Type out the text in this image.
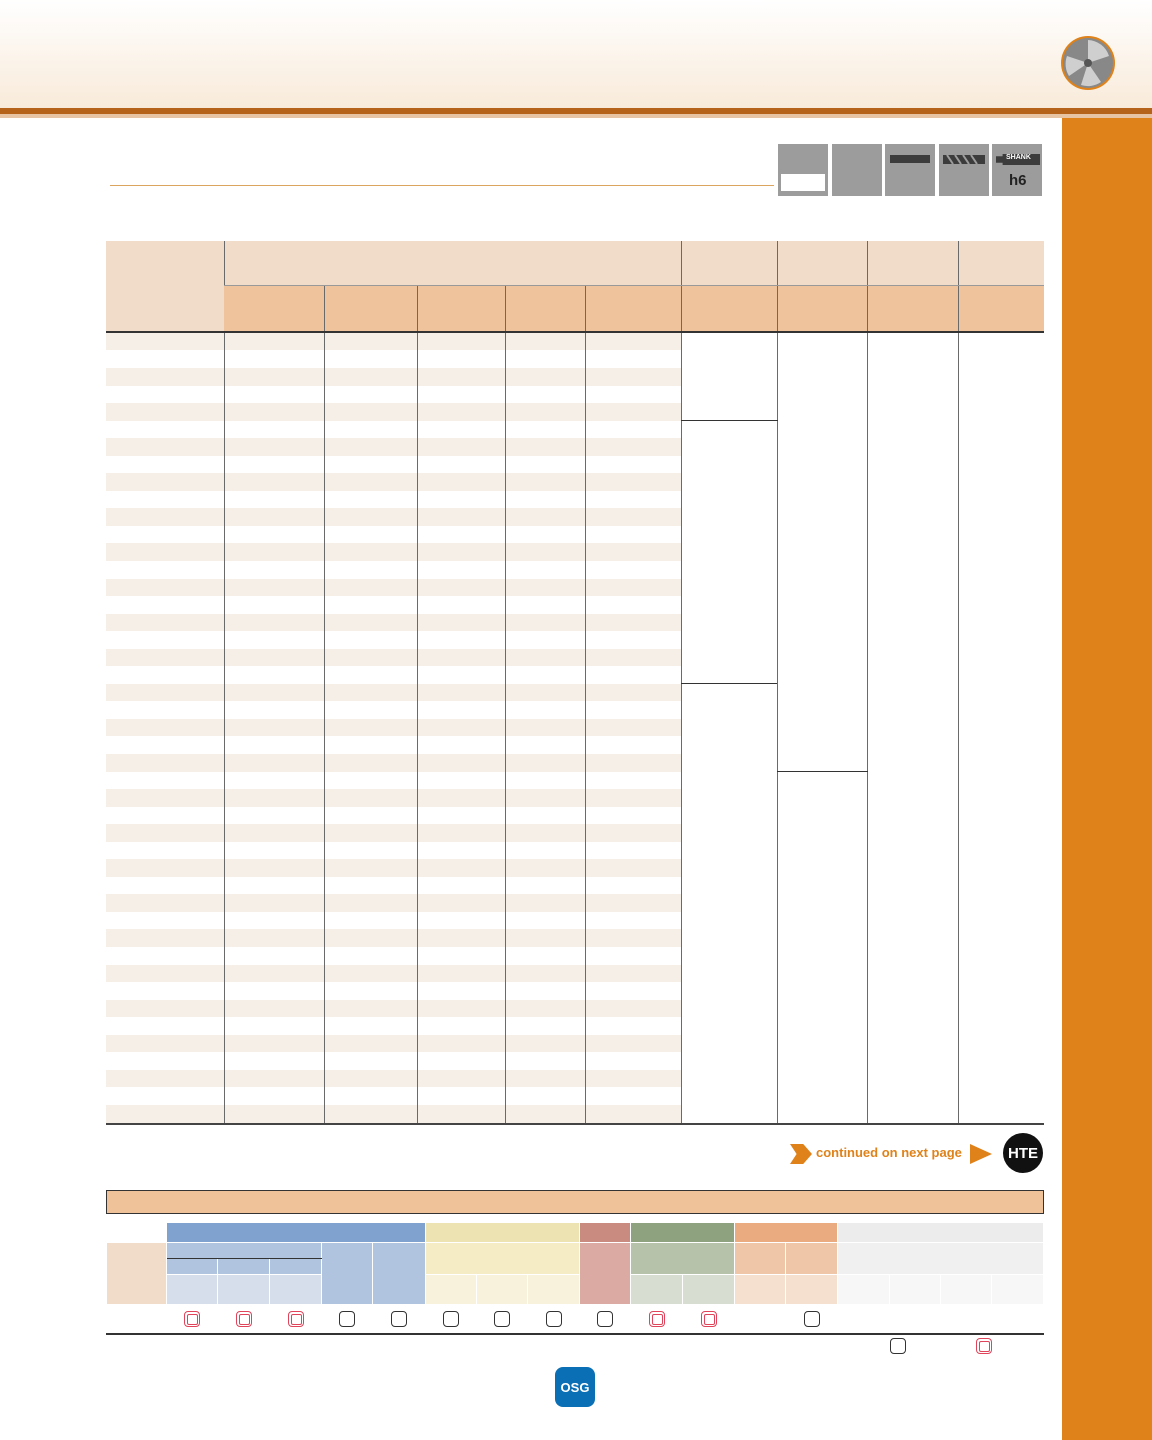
SHANK
h6

continued on next page	HTE

OSG
